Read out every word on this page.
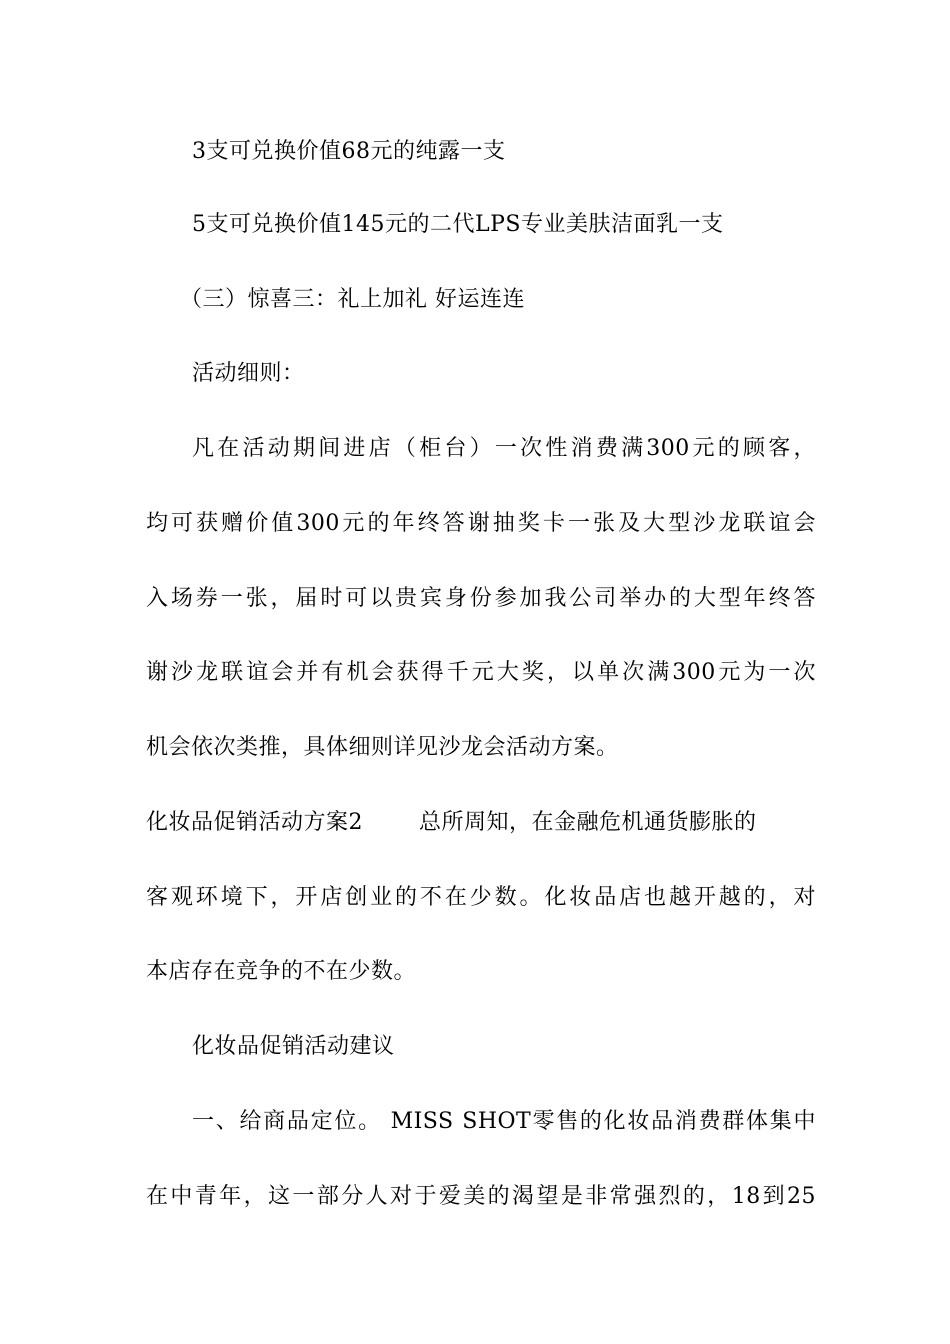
3支可兑换价值68元的纯露一支
5支可兑换价值145元的二代LPS专业美肤洁面乳一支
（三）惊喜三：礼上加礼 好运连连
活动细则：
凡在活动期间进店（柜台）一次性消费满300元的顾客，
均可获赠价值300元的年终答谢抽奖卡一张及大型沙龙联谊会
入场券一张，届时可以贵宾身份参加我公司举办的大型年终答
谢沙龙联谊会并有机会获得千元大奖，以单次满300元为一次
机会依次类推，具体细则详见沙龙会活动方案。
化妆品促销活动方案2	总所周知，在金融危机通货膨胀的
客观环境下，开店创业的不在少数。化妆品店也越开越的，对
本店存在竞争的不在少数。
化妆品促销活动建议
一、给商品定位。 MISS SHOT零售的化妆品消费群体集中
在中青年，这一部分人对于爱美的渴望是非常强烈的，18到25
